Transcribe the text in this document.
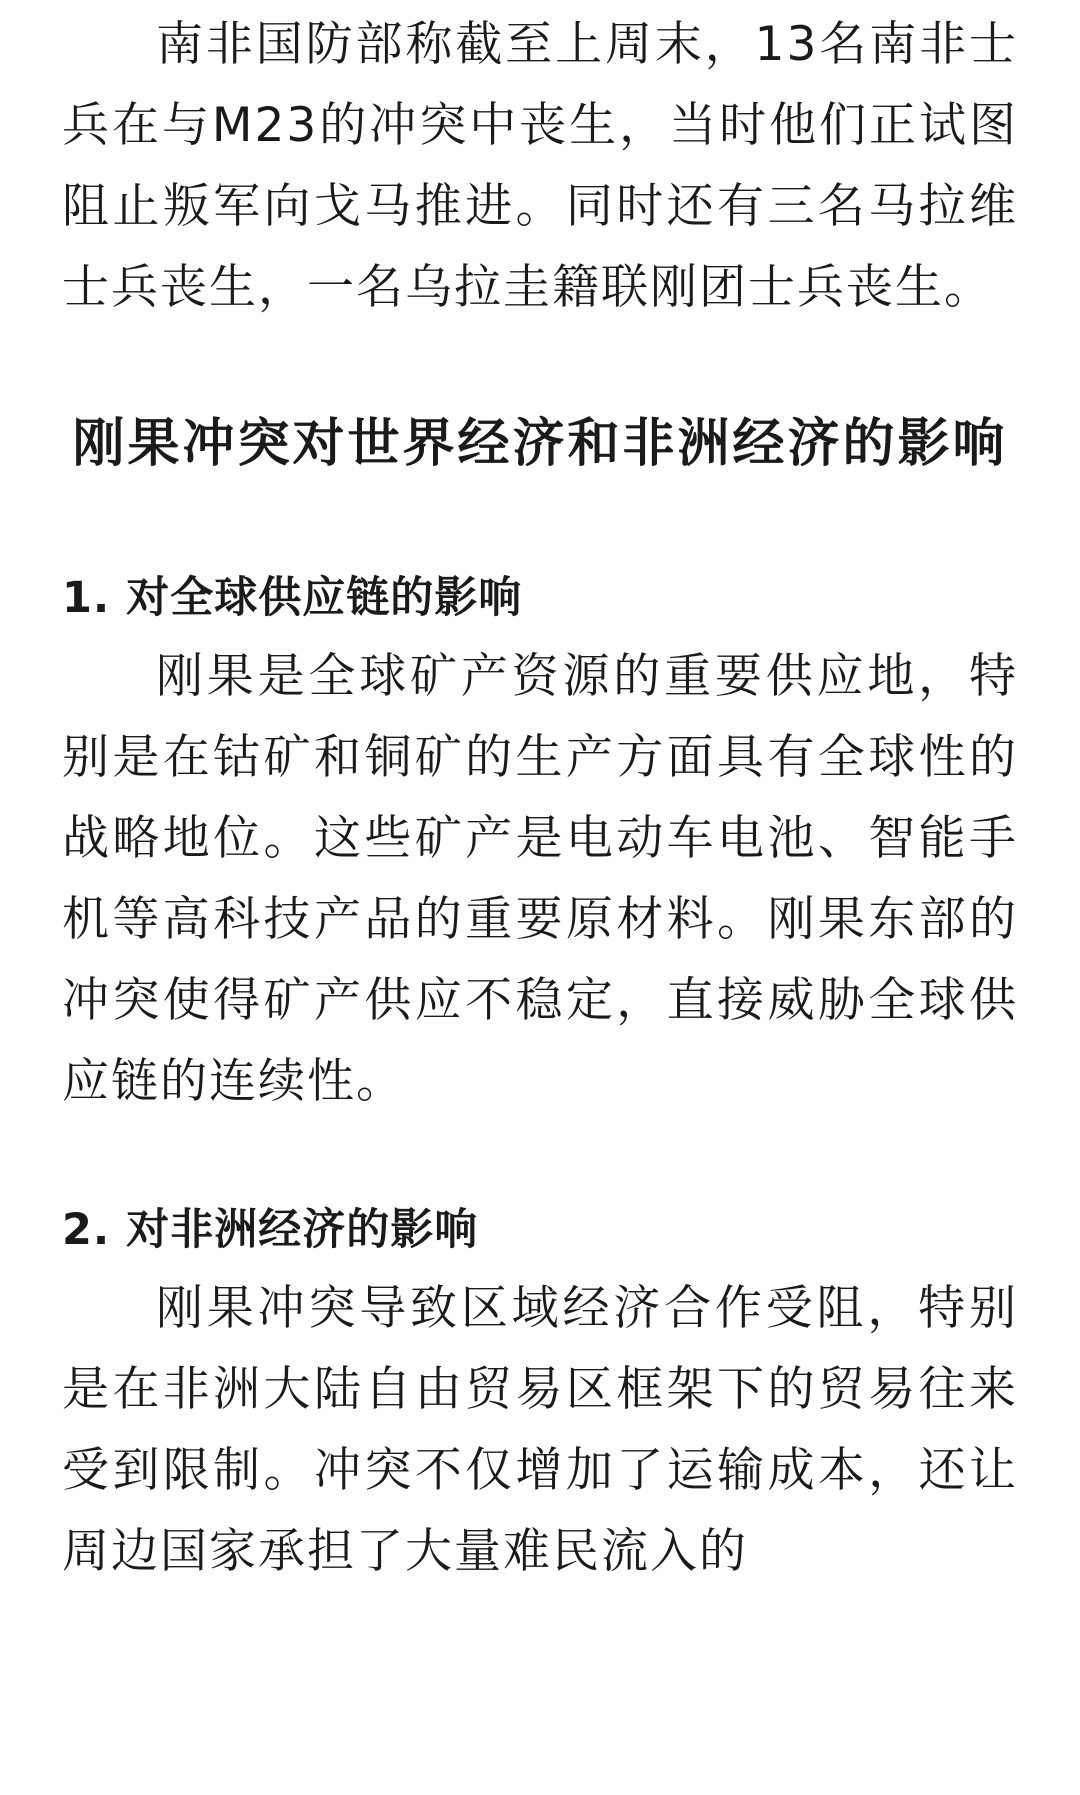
南非国防部称截至上周末，13名南非士兵在与M23的冲突中丧生，当时他们正试图阻止叛军向戈马推进。同时还有三名马拉维士兵丧生，一名乌拉圭籍联刚团士兵丧生。

刚果冲突对世界经济和非洲经济的影响
1. 对全球供应链的影响

刚果是全球矿产资源的重要供应地，特别是在钴矿和铜矿的生产方面具有全球性的战略地位。这些矿产是电动车电池、智能手机等高科技产品的重要原材料。刚果东部的冲突使得矿产供应不稳定，直接威胁全球供应链的连续性。

2. 对非洲经济的影响

刚果冲突导致区域经济合作受阻，特别是在非洲大陆自由贸易区框架下的贸易往来受到限制。冲突不仅增加了运输成本，还让周边国家承担了大量难民流入的
